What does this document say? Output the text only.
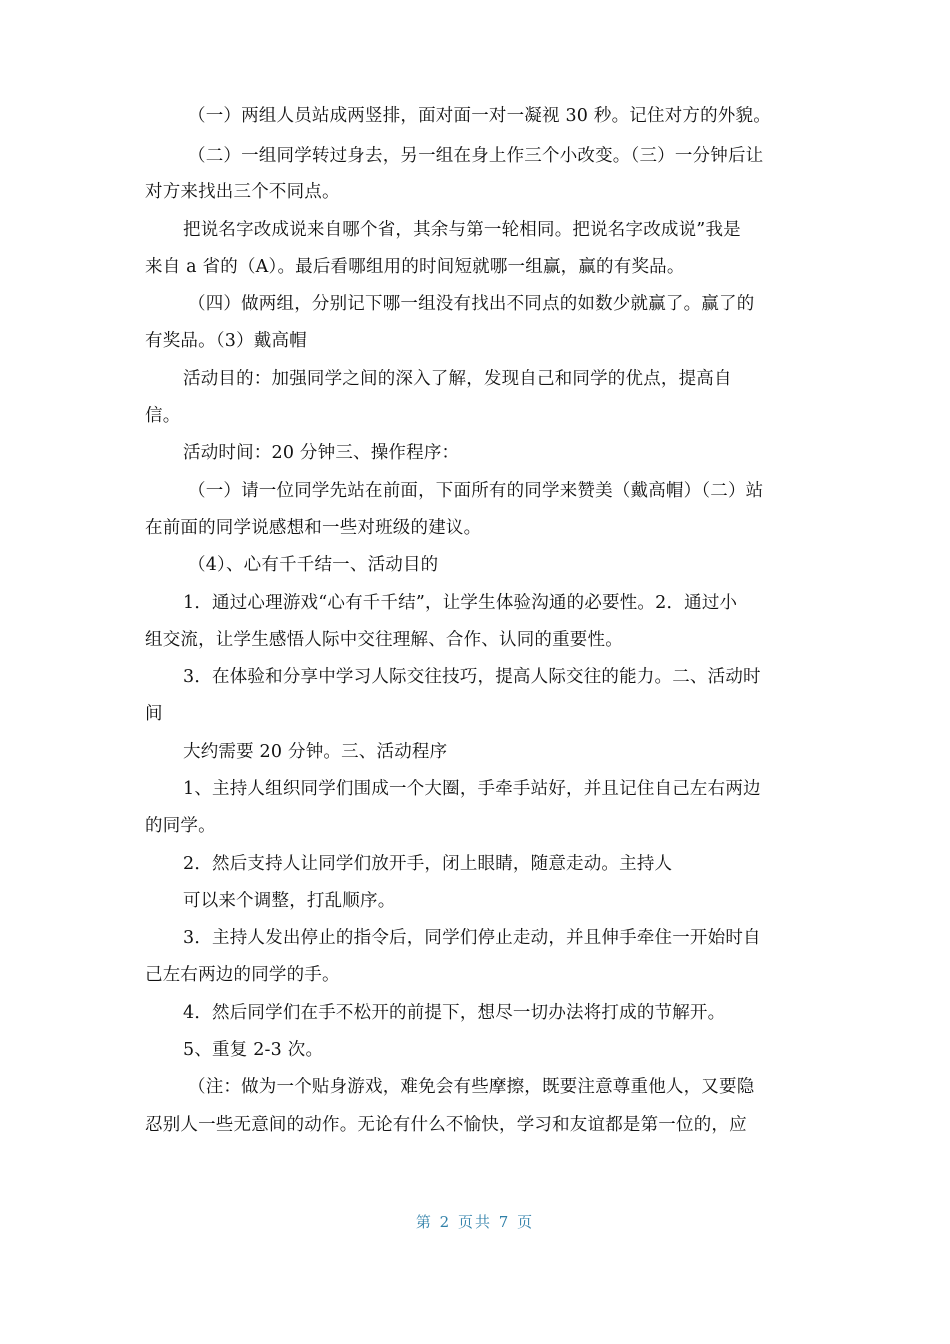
（一）两组人员站成两竖排，面对面一对一凝视 30 秒。记住对方的外貌。
（二）一组同学转过身去，另一组在身上作三个小改变。（三）一分钟后让
对方来找出三个不同点。
把说名字改成说来自哪个省，其余与第一轮相同。把说名字改成说”我是
来自 a 省的（A）。最后看哪组用的时间短就哪一组赢，赢的有奖品。
（四）做两组，分别记下哪一组没有找出不同点的如数少就赢了。赢了的
有奖品。（3）戴高帽
活动目的：加强同学之间的深入了解，发现自己和同学的优点，提高自
信。
活动时间：20 分钟三、操作程序：
（一）请一位同学先站在前面，下面所有的同学来赞美（戴高帽）（二）站
在前面的同学说感想和一些对班级的建议。
（4）、心有千千结一、活动目的
1．通过心理游戏“心有千千结”，让学生体验沟通的必要性。2．通过小
组交流，让学生感悟人际中交往理解、合作、认同的重要性。
3．在体验和分享中学习人际交往技巧，提高人际交往的能力。二、活动时
间
大约需要 20 分钟。三、活动程序
1、主持人组织同学们围成一个大圈，手牵手站好，并且记住自己左右两边
的同学。
2．然后支持人让同学们放开手，闭上眼睛，随意走动。主持人
可以来个调整，打乱顺序。
3．主持人发出停止的指令后，同学们停止走动，并且伸手牵住一开始时自
己左右两边的同学的手。
4．然后同学们在手不松开的前提下，想尽一切办法将打成的节解开。
5、重复 2-3 次。
（注：做为一个贴身游戏，难免会有些摩擦，既要注意尊重他人，又要隐
忍别人一些无意间的动作。无论有什么不愉快，学习和友谊都是第一位的，应
第 2 页共 7 页
